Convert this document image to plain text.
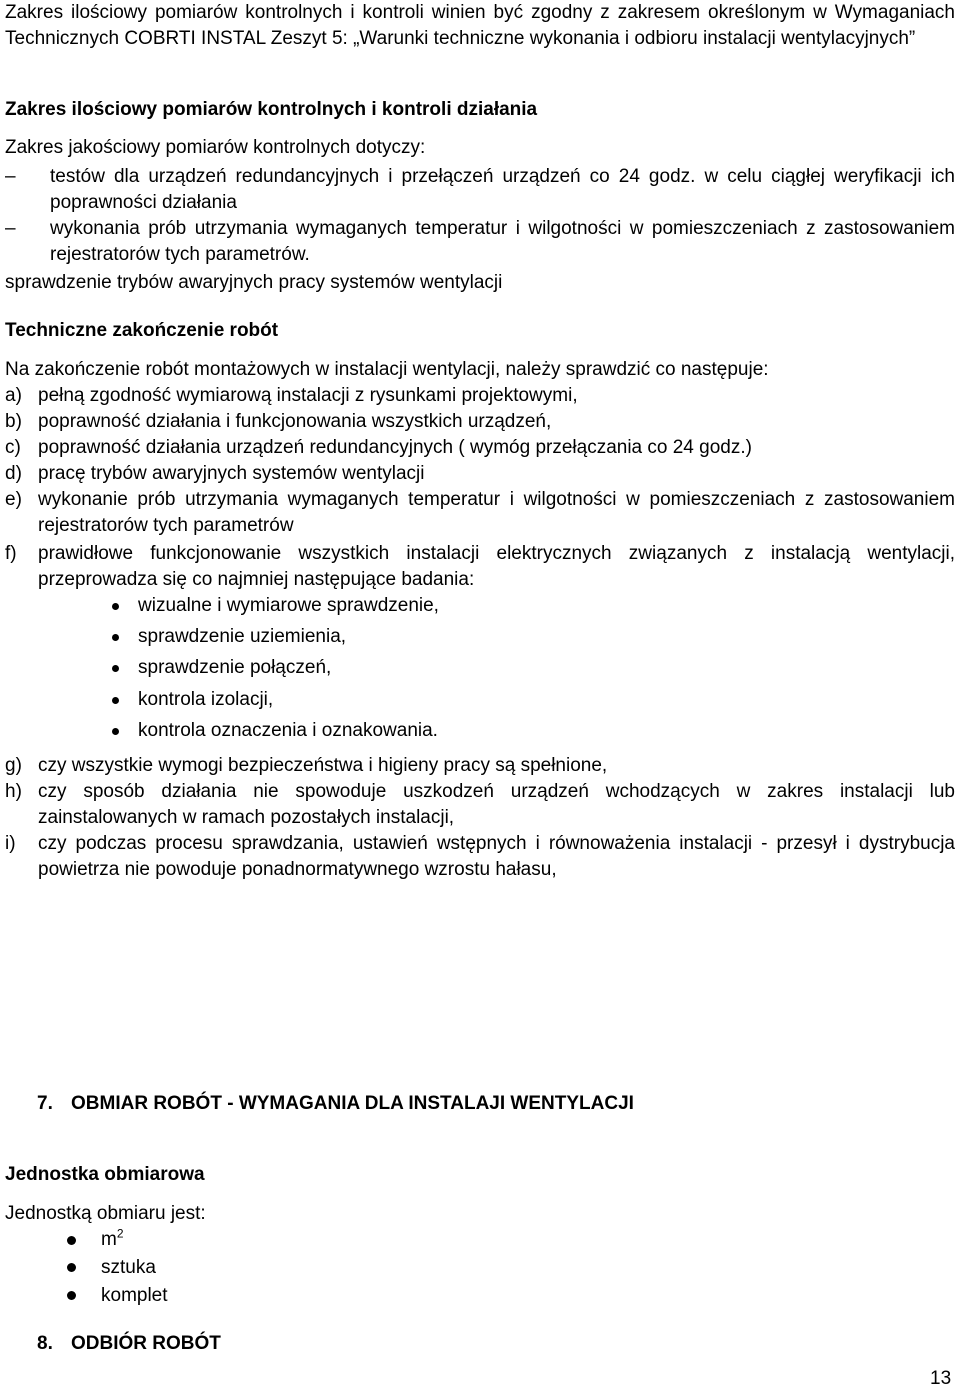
Zakres ilościowy pomiarów kontrolnych i kontroli winien być zgodny z zakresem określonym w Wymaganiach Technicznych COBRTI INSTAL Zeszyt 5: „Warunki techniczne wykonania i odbioru instalacji wentylacyjnych”
Zakres ilościowy pomiarów kontrolnych i kontroli działania
Zakres jakościowy pomiarów kontrolnych dotyczy:
– testów dla urządzeń redundancyjnych i przełączeń urządzeń co 24 godz. w celu ciągłej weryfikacji ich poprawności działania
– wykonania prób utrzymania wymaganych temperatur i wilgotności w pomieszczeniach z zastosowaniem rejestratorów tych parametrów.
sprawdzenie trybów awaryjnych pracy systemów wentylacji
Techniczne zakończenie robót
Na zakończenie robót montażowych w instalacji wentylacji, należy sprawdzić co następuje:
a) pełną zgodność wymiarową instalacji z rysunkami projektowymi,
b) poprawność działania i funkcjonowania wszystkich urządzeń,
c) poprawność działania urządzeń redundancyjnych ( wymóg przełączania co 24 godz.)
d) pracę trybów awaryjnych systemów wentylacji
e) wykonanie prób utrzymania wymaganych temperatur i wilgotności w pomieszczeniach z zastosowaniem rejestratorów tych parametrów
f) prawidłowe funkcjonowanie wszystkich instalacji elektrycznych związanych z instalacją wentylacji, przeprowadza się co najmniej następujące badania:
wizualne i wymiarowe sprawdzenie,
sprawdzenie uziemienia,
sprawdzenie połączeń,
kontrola izolacji,
kontrola oznaczenia i oznakowania.
g) czy wszystkie wymogi bezpieczeństwa i higieny pracy są spełnione,
h) czy sposób działania nie spowoduje uszkodzeń urządzeń wchodzących w zakres instalacji lub zainstalowanych w ramach pozostałych instalacji,
i) czy podczas procesu sprawdzania, ustawień wstępnych i równoważenia instalacji - przesył i dystrybucja powietrza nie powoduje ponadnormatywnego wzrostu hałasu,
7. OBMIAR ROBÓT - WYMAGANIA DLA INSTALAJI WENTYLACJI
Jednostka obmiarowa
Jednostką obmiaru jest:
$m^2$
sztuka
komplet
8. ODBIÓR ROBÓT
13
